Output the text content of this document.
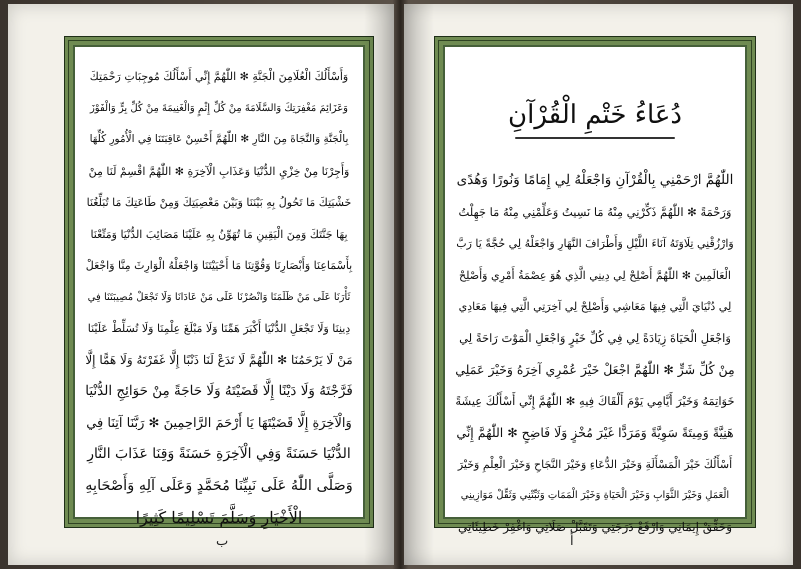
وَأَسْأَلُكَ الْعُلَامِنَ الْجَنَّةِ ✻ اللّٰهُمَّ إِنِّي أَسْأَلُكَ مُوجِبَاتِ رَحْمَتِكَ
وَعَزَائِمَ مَغْفِرَتِكَ وَالسَّلَامَةَ مِنْ كُلِّ إِثْمٍ وَالْغَنِيمَةَ مِنْ كُلِّ بِرٍّ وَالْفَوْزَ
بِالْجَنَّةِ وَالنَّجَاةَ مِنَ النَّارِ ✻ اللّٰهُمَّ أَحْسِنْ عَاقِبَتَنَا فِي الْأُمُورِ كُلِّهَا
وَأَجِرْنَا مِنْ خِزْيِ الدُّنْيَا وَعَذَابِ الْآخِرَةِ ✻ اللّٰهُمَّ اقْسِمْ لَنَا مِنْ
خَشْيَتِكَ مَا تَحُولُ بِهِ بَيْنَنَا وَبَيْنَ مَعْصِيَتِكَ وَمِنْ طَاعَتِكَ مَا تُبَلِّغُنَا
بِهَا جَنَّتَكَ وَمِنَ الْيَقِينِ مَا تُهَوِّنُ بِهِ عَلَيْنَا مَصَائِبَ الدُّنْيَا وَمَتِّعْنَا
بِأَسْمَاعِنَا وَأَبْصَارِنَا وَقُوَّتِنَا مَا أَحْيَيْتَنَا وَاجْعَلْهُ الْوَارِثَ مِنَّا وَاجْعَلْ
ثَأْرَنَا عَلَى مَنْ ظَلَمَنَا وَانْصُرْنَا عَلَى مَنْ عَادَانَا وَلَا تَجْعَلْ مُصِيبَتَنَا فِي
دِينِنَا وَلَا تَجْعَلِ الدُّنْيَا أَكْبَرَ هَمِّنَا وَلَا مَبْلَغَ عِلْمِنَا وَلَا تُسَلِّطْ عَلَيْنَا
مَنْ لَا يَرْحَمُنَا ✻ اللّٰهُمَّ لَا تَدَعْ لَنَا ذَنْبًا إِلَّا غَفَرْتَهُ وَلَا هَمًّا إِلَّا
فَرَّجْتَهُ وَلَا دَيْنًا إِلَّا قَضَيْتَهُ وَلَا حَاجَةً مِنْ حَوَائِجِ الدُّنْيَا
وَالْآخِرَةِ إِلَّا قَضَيْتَهَا يَا أَرْحَمَ الرَّاحِمِينَ ✻ رَبَّنَا آتِنَا فِي
الدُّنْيَا حَسَنَةً وَفِي الْآخِرَةِ حَسَنَةً وَقِنَا عَذَابَ النَّارِ
وَصَلَّى اللّٰهُ عَلَى نَبِيِّنَا مُحَمَّدٍ وَعَلَى آلِهِ وَأَصْحَابِهِ
الْأَخْيَارِ وَسَلَّمَ تَسْلِيمًا كَثِيرًا
ب
دُعَاءُ خَتْمِ الْقُرْآنِ
اللّٰهُمَّ ارْحَمْنِي بِالْقُرْآنِ وَاجْعَلْهُ لِي إِمَامًا وَنُورًا وَهُدًى
وَرَحْمَةً ✻ اللّٰهُمَّ ذَكِّرْنِي مِنْهُ مَا نَسِيتُ وَعَلِّمْنِي مِنْهُ مَا جَهِلْتُ
وَارْزُقْنِي تِلَاوَتَهُ آنَاءَ اللَّيْلِ وَأَطْرَافَ النَّهَارِ وَاجْعَلْهُ لِي حُجَّةً يَا رَبَّ
الْعَالَمِينَ ✻ اللّٰهُمَّ أَصْلِحْ لِي دِينِي الَّذِي هُوَ عِصْمَةُ أَمْرِي وَأَصْلِحْ
لِي دُنْيَايَ الَّتِي فِيهَا مَعَاشِي وَأَصْلِحْ لِي آخِرَتِي الَّتِي فِيهَا مَعَادِي
وَاجْعَلِ الْحَيَاةَ زِيَادَةً لِي فِي كُلِّ خَيْرٍ وَاجْعَلِ الْمَوْتَ رَاحَةً لِي
مِنْ كُلِّ شَرٍّ ✻ اللّٰهُمَّ اجْعَلْ خَيْرَ عُمْرِي آخِرَهُ وَخَيْرَ عَمَلِي
خَوَاتِمَهُ وَخَيْرَ أَيَّامِي يَوْمَ أَلْقَاكَ فِيهِ ✻ اللّٰهُمَّ إِنِّي أَسْأَلُكَ عِيشَةً
هَنِيَّةً وَمِيتَةً سَوِيَّةً وَمَرَدًّا غَيْرَ مُخْزٍ وَلَا فَاضِحٍ ✻ اللّٰهُمَّ إِنِّي
أَسْأَلُكَ خَيْرَ الْمَسْأَلَةِ وَخَيْرَ الدُّعَاءِ وَخَيْرَ النَّجَاحِ وَخَيْرَ الْعِلْمِ وَخَيْرَ
الْعَمَلِ وَخَيْرَ الثَّوَابِ وَخَيْرَ الْحَيَاةِ وَخَيْرَ الْمَمَاتِ وَثَبِّتْنِي وَثَقِّلْ مَوَازِينِي
وَحَقِّقْ إِيمَانِي وَارْفَعْ دَرَجَتِي وَتَقَبَّلْ صَلَاتِي وَاغْفِرْ خَطِيئَاتِي
أ
